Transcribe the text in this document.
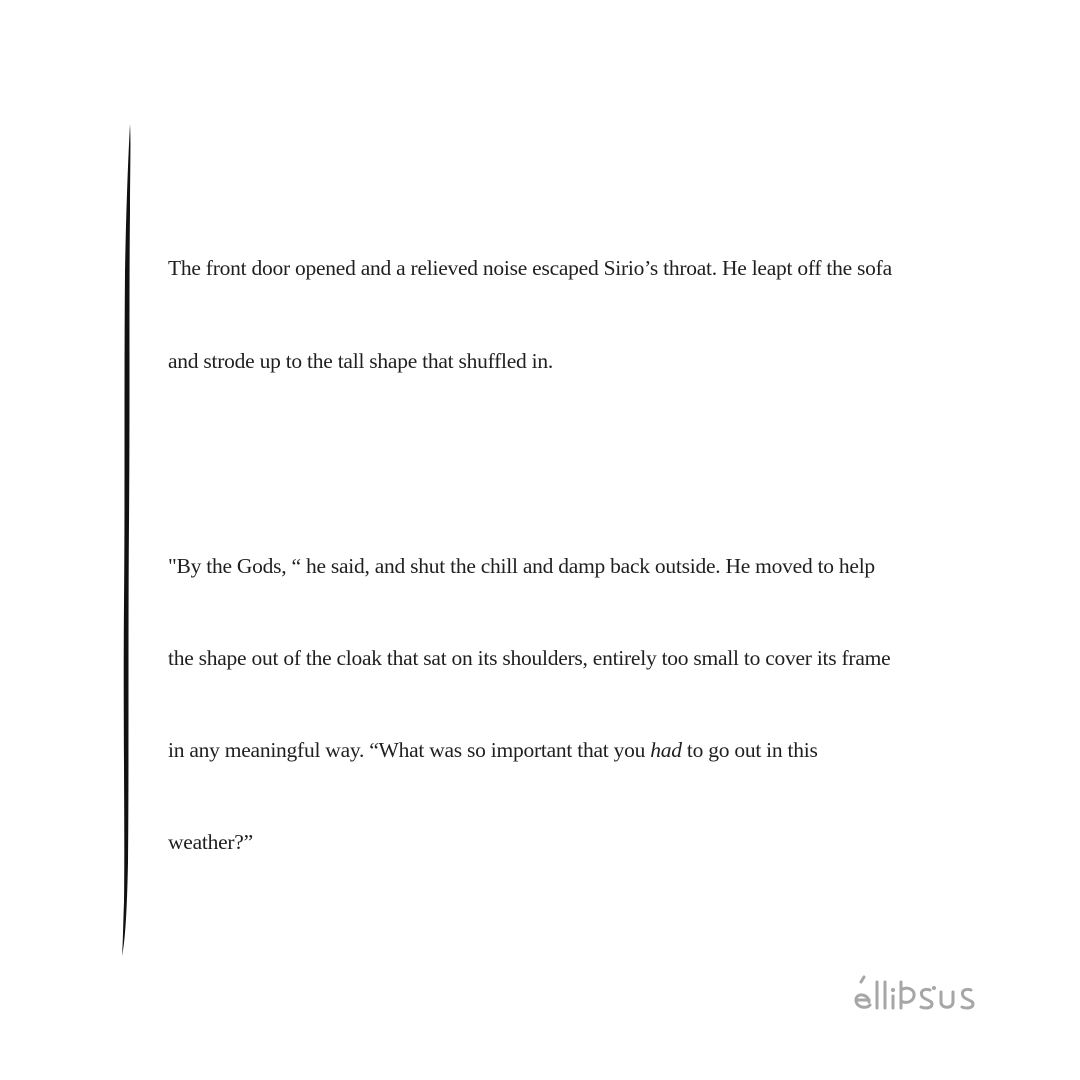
The front door opened and a relieved noise escaped Sirio’s throat. He leapt off the sofa
and strode up to the tall shape that shuffled in.
"By the Gods, “ he said, and shut the chill and damp back outside. He moved to help
the shape out of the cloak that sat on its shoulders, entirely too small to cover its frame
in any meaningful way. “What was so important that you had to go out in this
weather?”
